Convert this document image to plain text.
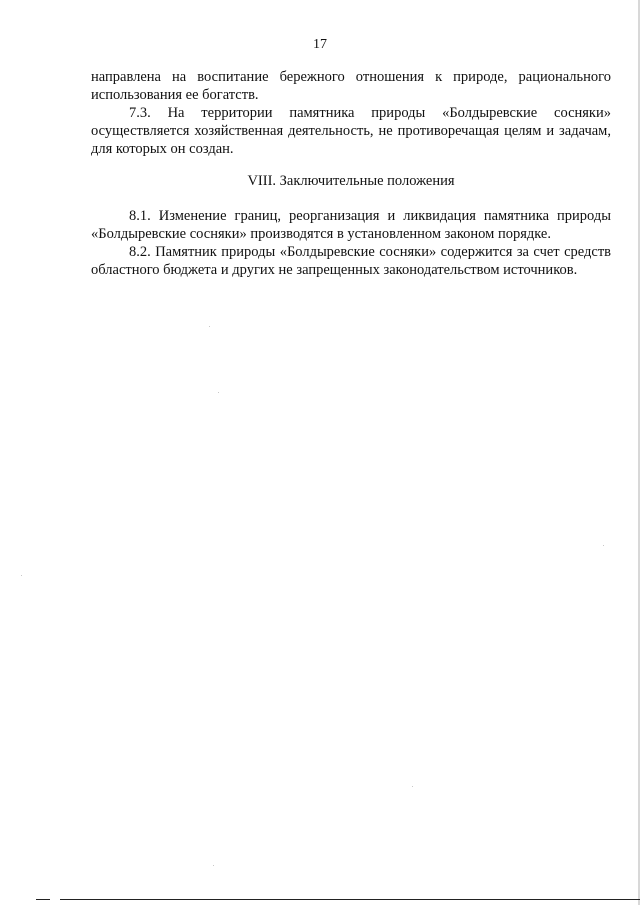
17

направлена на воспитание бережного отношения к природе, рационального использования ее богатств.

7.3. На территории памятника природы «Болдыревские сосняки» осуществляется хозяйственная деятельность, не противоречащая целям и задачам, для которых он создан.

VIII. Заключительные положения

8.1. Изменение границ, реорганизация и ликвидация памятника природы «Болдыревские сосняки» производятся в установленном законом порядке.

8.2. Памятник природы «Болдыревские сосняки» содержится за счет средств областного бюджета и других не запрещенных законодательством источников.
